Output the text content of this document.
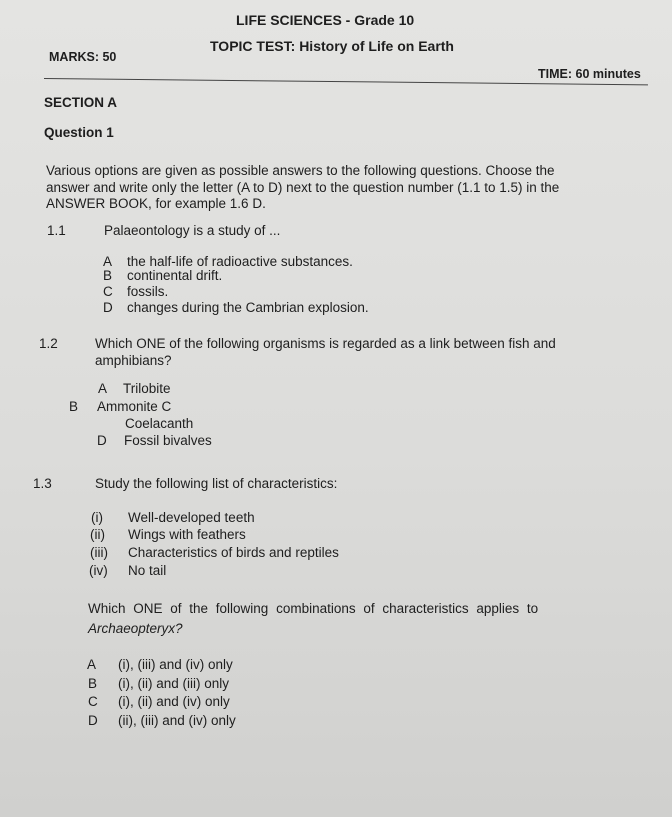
LIFE SCIENCES - Grade 10
TOPIC TEST: History of Life on Earth
MARKS: 50
TIME: 60 minutes
SECTION A
Question 1
Various options are given as possible answers to the following questions. Choose the
answer and write only the letter (A to D) next to the question number (1.1 to 1.5) in the
ANSWER BOOK, for example 1.6 D.
1.1	Palaeontology is a study of ...
A the half-life of radioactive substances.
B continental drift.
C fossils.
D changes during the Cambrian explosion.
1.2	Which ONE of the following organisms is regarded as a link between fish and
amphibians?
A Trilobite
B Ammonite C
Coelacanth
D Fossil bivalves
1.3	Study the following list of characteristics:
(i) Well-developed teeth
(ii) Wings with feathers
(iii) Characteristics of birds and reptiles
(iv) No tail
Which ONE of the following combinations of characteristics applies to
Archaeopteryx?
A (i), (iii) and (iv) only
B (i), (ii) and (iii) only
C (i), (ii) and (iv) only
D (ii), (iii) and (iv) only
